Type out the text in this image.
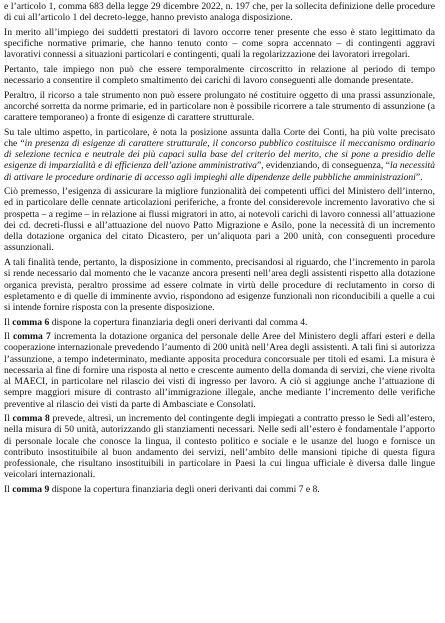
e l’articolo 1, comma 683 della legge 29 dicembre 2022, n. 197 che, per la sollecita definizione delle procedure di cui all’articolo 1 del decreto-legge, hanno previsto analoga disposizione.

In merito all’impiego dei suddetti prestatori di lavoro occorre tener presente che esso è stato legittimato da specifiche normative primarie, che hanno tenuto conto – come sopra accennato – di contingenti aggravi lavorativi connessi a situazioni particolari e contingenti, quali la regolarizzazione dei lavoratori irregolari.

Pertanto, tale impiego non può che essere temporalmente circoscritto in relazione al periodo di tempo necessario a consentire il completo smaltimento dei carichi di lavoro conseguenti alle domande presentate.

Peraltro, il ricorso a tale strumento non può essere prolungato né costituire oggetto di una prassi assunzionale, ancorché sorretta da norme primarie, ed in particolare non è possibile ricorrere a tale strumento di assunzione (a carattere temporaneo) a fronte di esigenze di carattere strutturale.

Su tale ultimo aspetto, in particolare, è nota la posizione assunta dalla Corte dei Conti, ha più volte precisato che “in presenza di esigenze di carattere strutturale, il concorso pubblico costituisce il meccanismo ordinario di selezione tecnica e neutrale dei più capaci sulla base del criterio del merito, che si pone a presidio delle esigenze di imparzialità e di efficienza dell’azione amministrativa”, evidenziando, di conseguenza, “la necessità di attivare le procedure ordinarie di accesso agli impieghi alle dipendenze delle pubbliche amministrazioni”.

Ciò premesso, l’esigenza di assicurare la migliore funzionalità dei competenti uffici del Ministero dell’interno, ed in particolare delle cennate articolazioni periferiche, a fronte del considerevole incremento lavorativo che si prospetta – a regime – in relazione ai flussi migratori in atto, ai notevoli carichi di lavoro connessi all’attuazione dei cd. decreti-flussi e all’attuazione del nuovo Patto Migrazione e Asilo, pone la necessità di un incremento della dotazione organica del citato Dicastero, per un’aliquota pari a 200 unità, con conseguenti procedure assunzionali.

A tali finalità tende, pertanto, la disposizione in commento, precisandosi al riguardo, che l’incremento in parola si rende necessario dal momento che le vacanze ancora presenti nell’area degli assistenti rispetto alla dotazione organica prevista, peraltro prossime ad essere colmate in virtù delle procedure di reclutamento in corso di espletamento e di quelle di imminente avvio, rispondono ad esigenze funzionali non riconducibili a quelle a cui si intende fornire risposta con la presente disposizione.

Il comma 6 dispone la copertura finanziaria degli oneri derivanti dal comma 4.

Il comma 7 incrementa la dotazione organica del personale delle Aree del Ministero degli affari esteri e della cooperazione internazionale prevedendo l’aumento di 200 unità nell’Area degli assistenti. A tali fini si autorizza l’assunzione, a tempo indeterminato, mediante apposita procedura concorsuale per titoli ed esami. La misura è necessaria al fine di fornire una risposta al netto e crescente aumento della domanda di servizi, che viene rivolta al MAECI, in particolare nel rilascio dei visti di ingresso per lavoro. A ciò si aggiunge anche l’attuazione di sempre maggiori misure di contrasto all’immigrazione illegale, anche mediante l’incremento delle verifiche preventive al rilascio dei visti da parte di Ambasciate e Consolati.

Il comma 8 prevede, altresì, un incremento del contingente degli impiegati a contratto presso le Sedi all’estero, nella misura di 50 unità, autorizzando gli stanziamenti necessari. Nelle sedi all’estero è fondamentale l’apporto di personale locale che conosce la lingua, il contesto politico e sociale e le usanze del luogo e fornisce un contributo insostituibile al buon andamento dei servizi, nell’ambito delle mansioni tipiche di questa figura professionale, che risultano insostituibili in particolare in Paesi la cui lingua ufficiale è diversa dalle lingue veicolari internazionali.

Il comma 9 dispone la copertura finanziaria degli oneri derivanti dai commi 7 e 8.
